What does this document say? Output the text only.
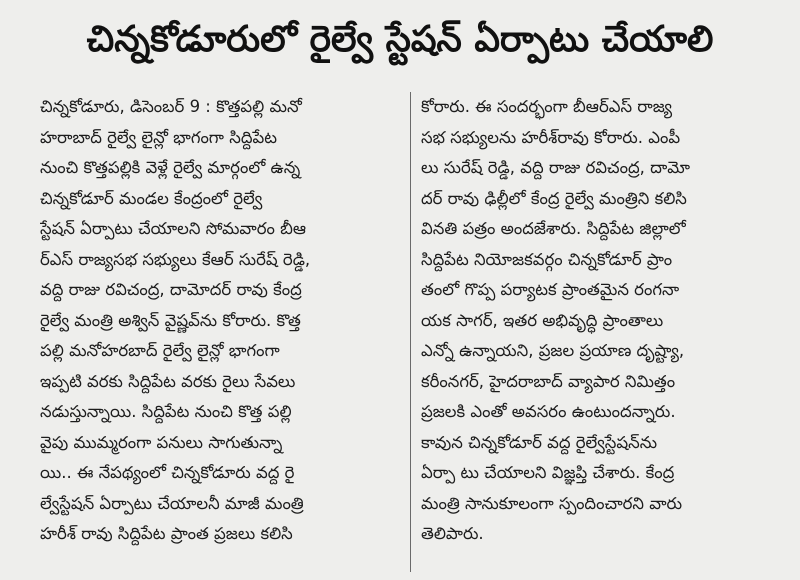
చిన్నకోడూరులో రైల్వే స్టేషన్ ఏర్పాటు చేయాలి
చిన్నకోడూరు, డిసెంబర్ 9 : కొత్తపల్లి మనో
హరాబాద్ రైల్వే లైన్లో భాగంగా సిద్దిపేట
నుంచి కొత్తపల్లికి వెళ్లే రైల్వే మార్గంలో ఉన్న
చిన్నకోడూర్ మండల కేంద్రంలో రైల్వే
స్టేషన్ ఏర్పాటు చేయాలని సోమవారం బీఆ
ర్ఎస్ రాజ్యసభ సభ్యులు కేఆర్ సురేష్ రెడ్డి,
వద్ది రాజు రవిచంద్ర, దామోదర్ రావు కేంద్ర
రైల్వే మంత్రి అశ్విన్ వైష్ణవ్‌ను కోరారు. కొత్త
పల్లి మనోహరబాద్ రైల్వే లైన్లో భాగంగా
ఇప్పటి వరకు సిద్దిపేట వరకు రైలు సేవలు
నడుస్తున్నాయి. సిద్దిపేట నుంచి కొత్త పల్లి
వైపు ముమ్మరంగా పనులు సాగుతున్నా
యి.. ఈ నేపథ్యంలో చిన్నకోడూరు వద్ద రై
ల్వేస్టేషన్ ఏర్పాటు చేయాలనీ మాజీ మంత్రి
హరీశ్ రావు సిద్దిపేట ప్రాంత ప్రజలు కలిసి
కోరారు. ఈ సందర్భంగా బీఆర్ఎస్ రాజ్య
సభ సభ్యులను హరీశ్‌రావు కోరారు. ఎంపీ
లు సురేష్ రెడ్డి, వద్ది రాజు రవిచంద్ర, దామో
దర్ రావు ఢిల్లీలో కేంద్ర రైల్వే మంత్రిని కలిసి
వినతి పత్రం అందజేశారు. సిద్దిపేట జిల్లాలో
సిద్దిపేట నియోజకవర్గం చిన్నకోడూర్ ప్రాం
తంలో గొప్ప పర్యాటక ప్రాంతమైన రంగనా
యక సాగర్, ఇతర అభివృద్ధి ప్రాంతాలు
ఎన్నో ఉన్నాయని, ప్రజల ప్రయాణ దృష్ట్యా,
కరీంనగర్, హైదరాబాద్ వ్యాపార నిమిత్తం
ప్రజలకి ఎంతో అవసరం ఉంటుందన్నారు.
కావున చిన్నకోడూర్ వద్ద రైల్వేస్టేషన్‌ను
ఏర్పా టు చేయాలని విజ్ఞప్తి చేశారు. కేంద్ర
మంత్రి సానుకూలంగా స్పందించారని వారు
తెలిపారు.
